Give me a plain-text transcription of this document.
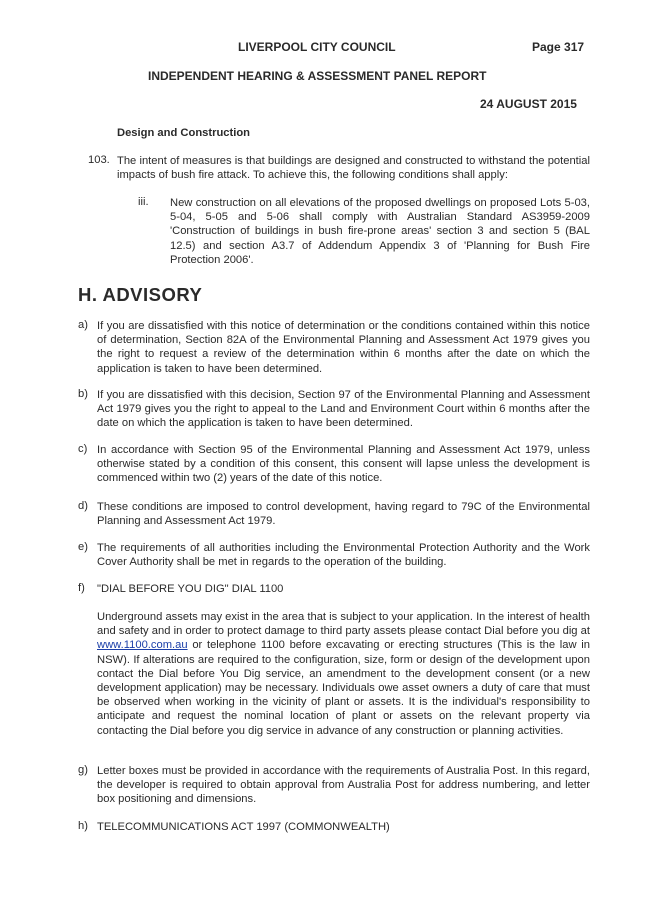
LIVERPOOL CITY COUNCIL	Page 317
INDEPENDENT HEARING & ASSESSMENT PANEL REPORT
24 AUGUST 2015
Design and Construction
103. The intent of measures is that buildings are designed and constructed to withstand the potential impacts of bush fire attack. To achieve this, the following conditions shall apply:
iii. New construction on all elevations of the proposed dwellings on proposed Lots 5-03, 5-04, 5-05 and 5-06 shall comply with Australian Standard AS3959-2009 'Construction of buildings in bush fire-prone areas' section 3 and section 5 (BAL 12.5) and section A3.7 of Addendum Appendix 3 of 'Planning for Bush Fire Protection 2006'.
H. ADVISORY
a) If you are dissatisfied with this notice of determination or the conditions contained within this notice of determination, Section 82A of the Environmental Planning and Assessment Act 1979 gives you the right to request a review of the determination within 6 months after the date on which the application is taken to have been determined.
b) If you are dissatisfied with this decision, Section 97 of the Environmental Planning and Assessment Act 1979 gives you the right to appeal to the Land and Environment Court within 6 months after the date on which the application is taken to have been determined.
c) In accordance with Section 95 of the Environmental Planning and Assessment Act 1979, unless otherwise stated by a condition of this consent, this consent will lapse unless the development is commenced within two (2) years of the date of this notice.
d) These conditions are imposed to control development, having regard to 79C of the Environmental Planning and Assessment Act 1979.
e) The requirements of all authorities including the Environmental Protection Authority and the Work Cover Authority shall be met in regards to the operation of the building.
f) "DIAL BEFORE YOU DIG" DIAL 1100
Underground assets may exist in the area that is subject to your application. In the interest of health and safety and in order to protect damage to third party assets please contact Dial before you dig at www.1100.com.au or telephone 1100 before excavating or erecting structures (This is the law in NSW). If alterations are required to the configuration, size, form or design of the development upon contact the Dial before You Dig service, an amendment to the development consent (or a new development application) may be necessary. Individuals owe asset owners a duty of care that must be observed when working in the vicinity of plant or assets. It is the individual's responsibility to anticipate and request the nominal location of plant or assets on the relevant property via contacting the Dial before you dig service in advance of any construction or planning activities.
g) Letter boxes must be provided in accordance with the requirements of Australia Post. In this regard, the developer is required to obtain approval from Australia Post for address numbering, and letter box positioning and dimensions.
h) TELECOMMUNICATIONS ACT 1997 (COMMONWEALTH)
